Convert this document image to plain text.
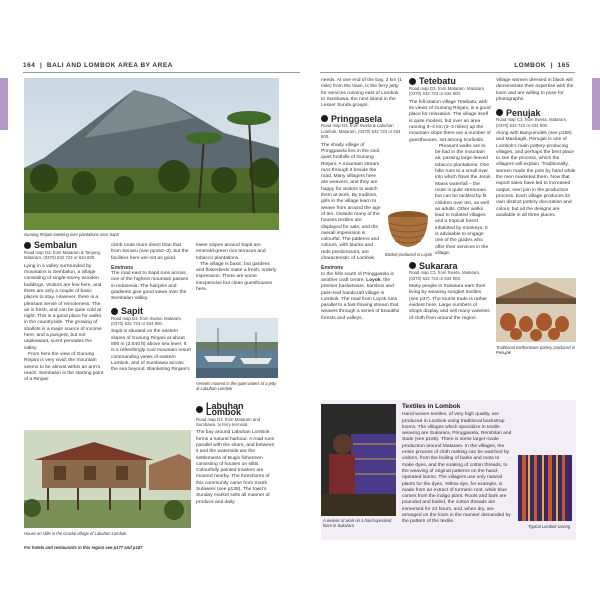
164  |  BALI AND LOMBOK AREA BY AREA	LOMBOK  |  165
Gunung Rinjani towering over plantations near Sapit
Sembalun
Road map D3. from Mataram & Tanjung. Mataram, (0370) 632 723 or 634 800.

Lying in a valley surrounded by mountains is Sembalun, a village consisting of single-storey wooden buildings. Visitors are few here, and there are only a couple of basic places to stay. However, there is a pleasant sense of remoteness. The air is fresh, and can be quite cold at night. This is a good place for walks in the countryside. The growing of shallots is a major source of income here, and a pungent, but not unpleasant, scent pervades the valley.

From here the view of Gunung Rinjani is very vivid; the mountain seems to be almost within an arm's reach. Sembalun is the starting point of a Rinjani

climb route more direct than that from Senaru (see pp162–3), but the facilities here are not as good.

Environs

The road east to Sapit runs across one of the highest mountain passes in Indonesia. The hairpins and gradients give good views over the Sembalun Valley.

Sapit
Road map D3. from Sweta. Mataram, (0370) 632 723 or 634 800.

Sapit is situated on the eastern slopes of Gunung Rinjani at about 800 m (2,640 ft) above sea level. It is a refreshingly cool mountain resort commanding views of eastern Lombok, and of Sumbawa across the sea beyond. Blanketing Rinjani's

lower slopes around Sapit are emerald-green rice terraces and tobacco plantations.

The village is basic, but gardens and flowerbeds make a fresh, orderly impression. There are some inexpensive but clean guesthouses here.

Vessels moored in the quiet waters of a jetty at Labuhan Lombok
Labuhan Lombok
Road map D3. from Mataram and Sumbawa. to ferry terminal.

The bay around Labuhan Lombok forms a natural harbour. A road runs parallel with the shore, and between it and the waterside are the settlements of Bugis fishermen consisting of houses on stilts. Colourfully painted trawlers are moored nearby. The foreshores of this community came from South Sulawesi (see p138). The town's Sunday market sells all manner of produce and daily

House on stilts in the coastal village of Labuhan Lombok
For hotels and restaurants in this region see p177 and p187

needs. At one end of the bay, 2 km (1 mile) from the town, is the ferry jetty for services running east of Lombok to Sumbawa, the next island in the Lesser Sunda groups.

Pringgasela
Road map D3. from Sweta & Labuhan Lombok. Mataram, (0370) 632 723 or 634 800.

The shady village of Pringgasela lies in the cool, quiet foothills of Gunung Rinjani. A mountain stream runs through it beside the road. Many villagers here are weavers, and they are happy for visitors to watch them at work. By tradition, girls in the village learn to weave from around the age of ten. Outside many of the houses textiles are displayed for sale, and the overall impression is colourful. The patterns and colours, with blacks and reds predominant, are characteristic of Lombok.

Environs

In the hills south of Pringgasela is another craft centre, Loyok, the premier basketware, bamboo and palm-leaf handicraft village in Lombok. The road from Loyok runs parallel to a fast-flowing stream that weaves through a series of beautiful forests and valleys.

Basket produced in Loyok
Tetebatu
Road map D3. from Mataram. Mataram, (0370) 632 723 or 634 800.

The hill-station village Tetebatu, with its views of Gunung Rinjani, is a good place for relaxation. The village itself is quite modest, but over an area running 3–4 km (2–3 miles) up the mountain slope there are a number of guesthouses, set among ricefields.

Pleasant walks are to be had in the mountain air, passing large-leaved tobacco plantations. One hike runs to a small river into which flows the Jeruk Manis waterfall – the route is quite strenuous but can be tackled by fit children over ten, as well as adults. Other walks lead to isolated villages and a tropical forest inhabited by monkeys. It is advisable to engage one of the guides who offer their services in the village.

Sukarara
Road map C3. from Sweta. Mataram, (0370) 632 723 or 634 800.

Many people in Sukarara earn their living by weaving songket textiles (see p37). The tourist trade is rather evident here. Large numbers of shops display and sell many varieties of cloth from around the region.

Village women dressed in black will demonstrate their expertise with the loom and are willing to pose for photographs.

Penujak
Road map C3. from Sweta. Mataram, (0370) 632 723 or 634 800.

Along with Banyumulek (see p158) and Masbagik, Penujak is one of Lombok's main pottery-producing villages, and perhaps the best place to see the process, which the villagers will explain. Traditionally, women made the pots by hand while the men marketed them. Now that export sales have led to increased output, men join in the production process. Each village produces its own distinct pottery decoration and colour, but all the designs are available in all three places.

Traditional earthenware pottery produced in Penujak
A weaver at work on a hand-operated loom in Sukarara
Textiles in Lombok

Hand-woven textiles, of very high quality, are produced in Lombok using traditional backstrap looms. The villages which specialize in textile weaving are Sukarara, Pringgasela, Rembitan and Sade (see p166). There is some larger-scale production around Mataram. In the villages, the entire process of cloth making can be watched by visitors, from the boiling of barks and roots to make dyes, and the soaking of cotton threads, to the weaving of original patterns on the hand-operated looms. The villagers use only natural plants for the dyes. Yellow dye, for example, is made from an extract of turmeric root, while blue comes from the indigo plant. Roots and bark are pounded and boiled, the cotton threads are immersed for 24 hours, and, when dry, are arranged on the loom in the manner demanded by the pattern of the textile.

Typical Lombok sarong
